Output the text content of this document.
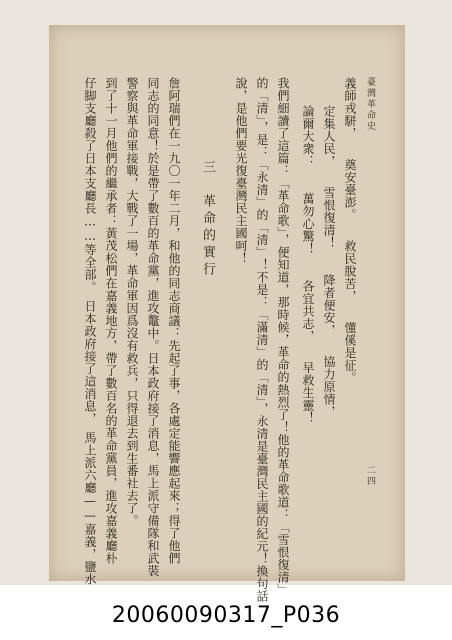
臺灣革命史
二四
義師戎駢，　　奠安臺澎。　　救民脫苦，　　懂傒是征。
定集人民，　　雪恨復清！　　降者便安，　　協力原情，
論爾大衆：　　萬勿心驚！　　各宜共志，　　早救生靈！
我們細讀了這篇：「革命歌」，便知道，那時候，革命的熱烈了！他的革命歌道：「雪恨復清」
的「清」，是：「永清」的「清」！不是：「滿清」的「清」，永清是臺灣民主國的紀元！換句話
說，是他們要光復臺灣民主國呵！
三　革命的實行
詹阿瑞們在一九〇一年二月，和他的同志商議：先起了事，各處定能響應起來；得了他們
同志的同意！於是帶了數百的革命黨，進攻鼇中。日本政府接了消息，馬上派守備隊和武裝
警察與革命軍接戰，大戰了一場，革命軍因爲沒有救兵，只得退去到生番社去了。
到了十一月他們的繼承者：黃茂松們在嘉義地方，帶了數百名的革命黨員，進攻嘉義廳朴
仔脚支廳殺了日本支廳長……等全部。　日本政府接了這消息，　馬上派六廳——嘉義，鹽水
20060090317_P036
